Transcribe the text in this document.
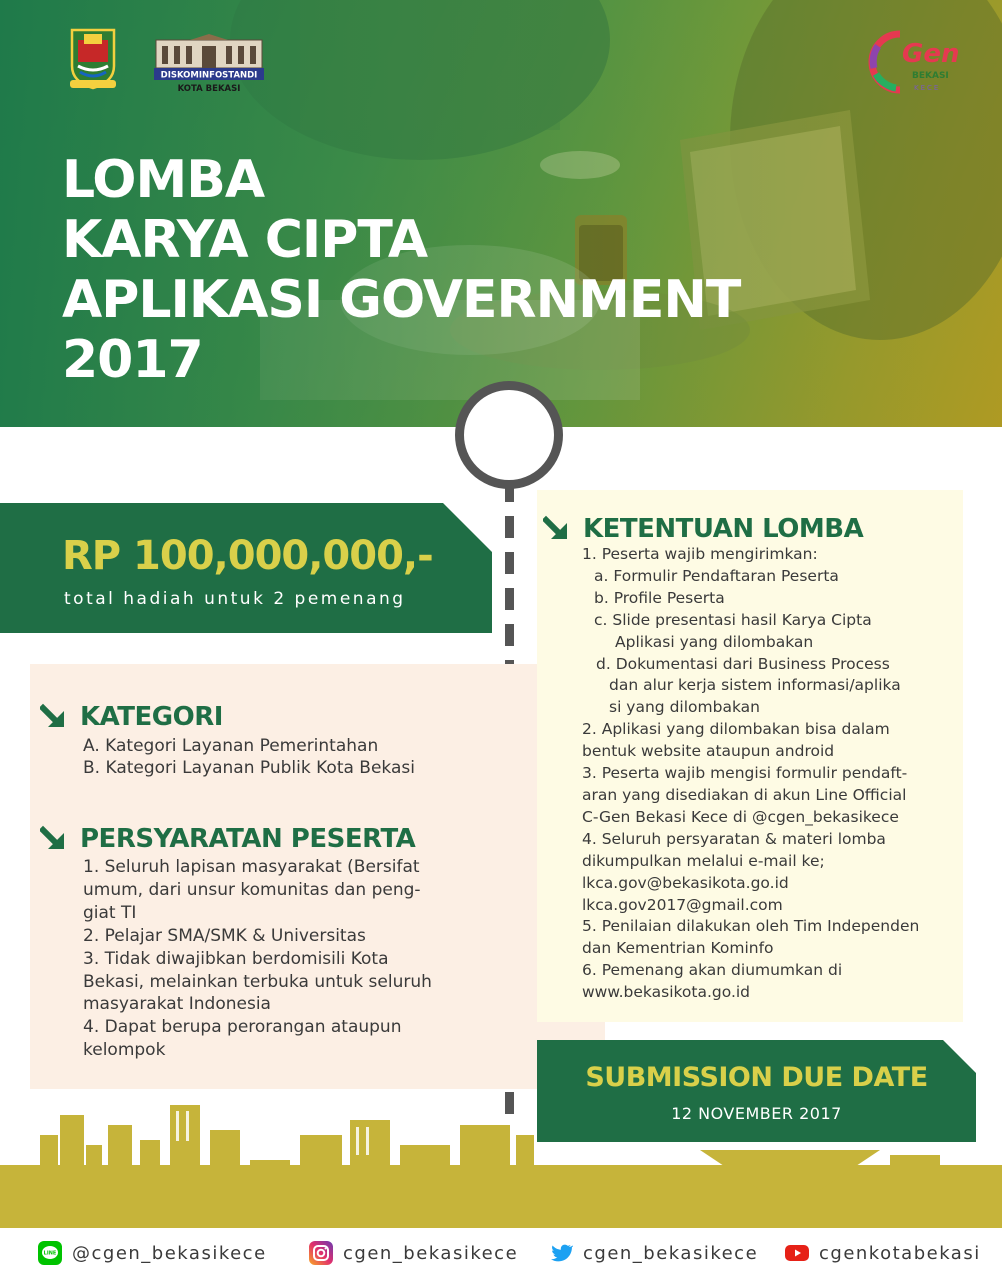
DISKOMINFOSTANDI
KOTA BEKASI
Gen
BEKASI
KECE
LOMBA
KARYA CIPTA
APLIKASI GOVERNMENT
2017
RP 100,000,000,-
total hadiah untuk 2 pemenang
KATEGORI
A. Kategori Layanan Pemerintahan
B. Kategori Layanan Publik Kota Bekasi
PERSYARATAN PESERTA
1. Seluruh lapisan masyarakat (Bersifat
umum, dari unsur komunitas dan peng-
giat TI
2. Pelajar SMA/SMK & Universitas
3. Tidak diwajibkan berdomisili Kota
Bekasi, melainkan terbuka untuk seluruh
masyarakat Indonesia
4. Dapat berupa perorangan ataupun
kelompok
KETENTUAN LOMBA
1. Peserta wajib mengirimkan:
a. Formulir Pendaftaran Peserta
b. Profile Peserta
c. Slide presentasi hasil Karya Cipta
Aplikasi yang dilombakan
d. Dokumentasi dari Business Process
dan alur kerja sistem informasi/aplika
si yang dilombakan
2. Aplikasi yang dilombakan bisa dalam
bentuk website ataupun android
3. Peserta wajib mengisi formulir pendaft-
aran yang disediakan di akun Line Official
C-Gen Bekasi Kece di @cgen_bekasikece
4. Seluruh persyaratan & materi lomba
dikumpulkan melalui e-mail ke;
lkca.gov@bekasikota.go.id
lkca.gov2017@gmail.com
5. Penilaian dilakukan oleh Tim Independen
dan Kementrian Kominfo
6. Pemenang akan diumumkan di
www.bekasikota.go.id
SUBMISSION DUE DATE
12 NOVEMBER 2017
LINE @cgen_bekasikece	cgen_bekasikece	cgen_bekasikece	cgenkotabekasi
